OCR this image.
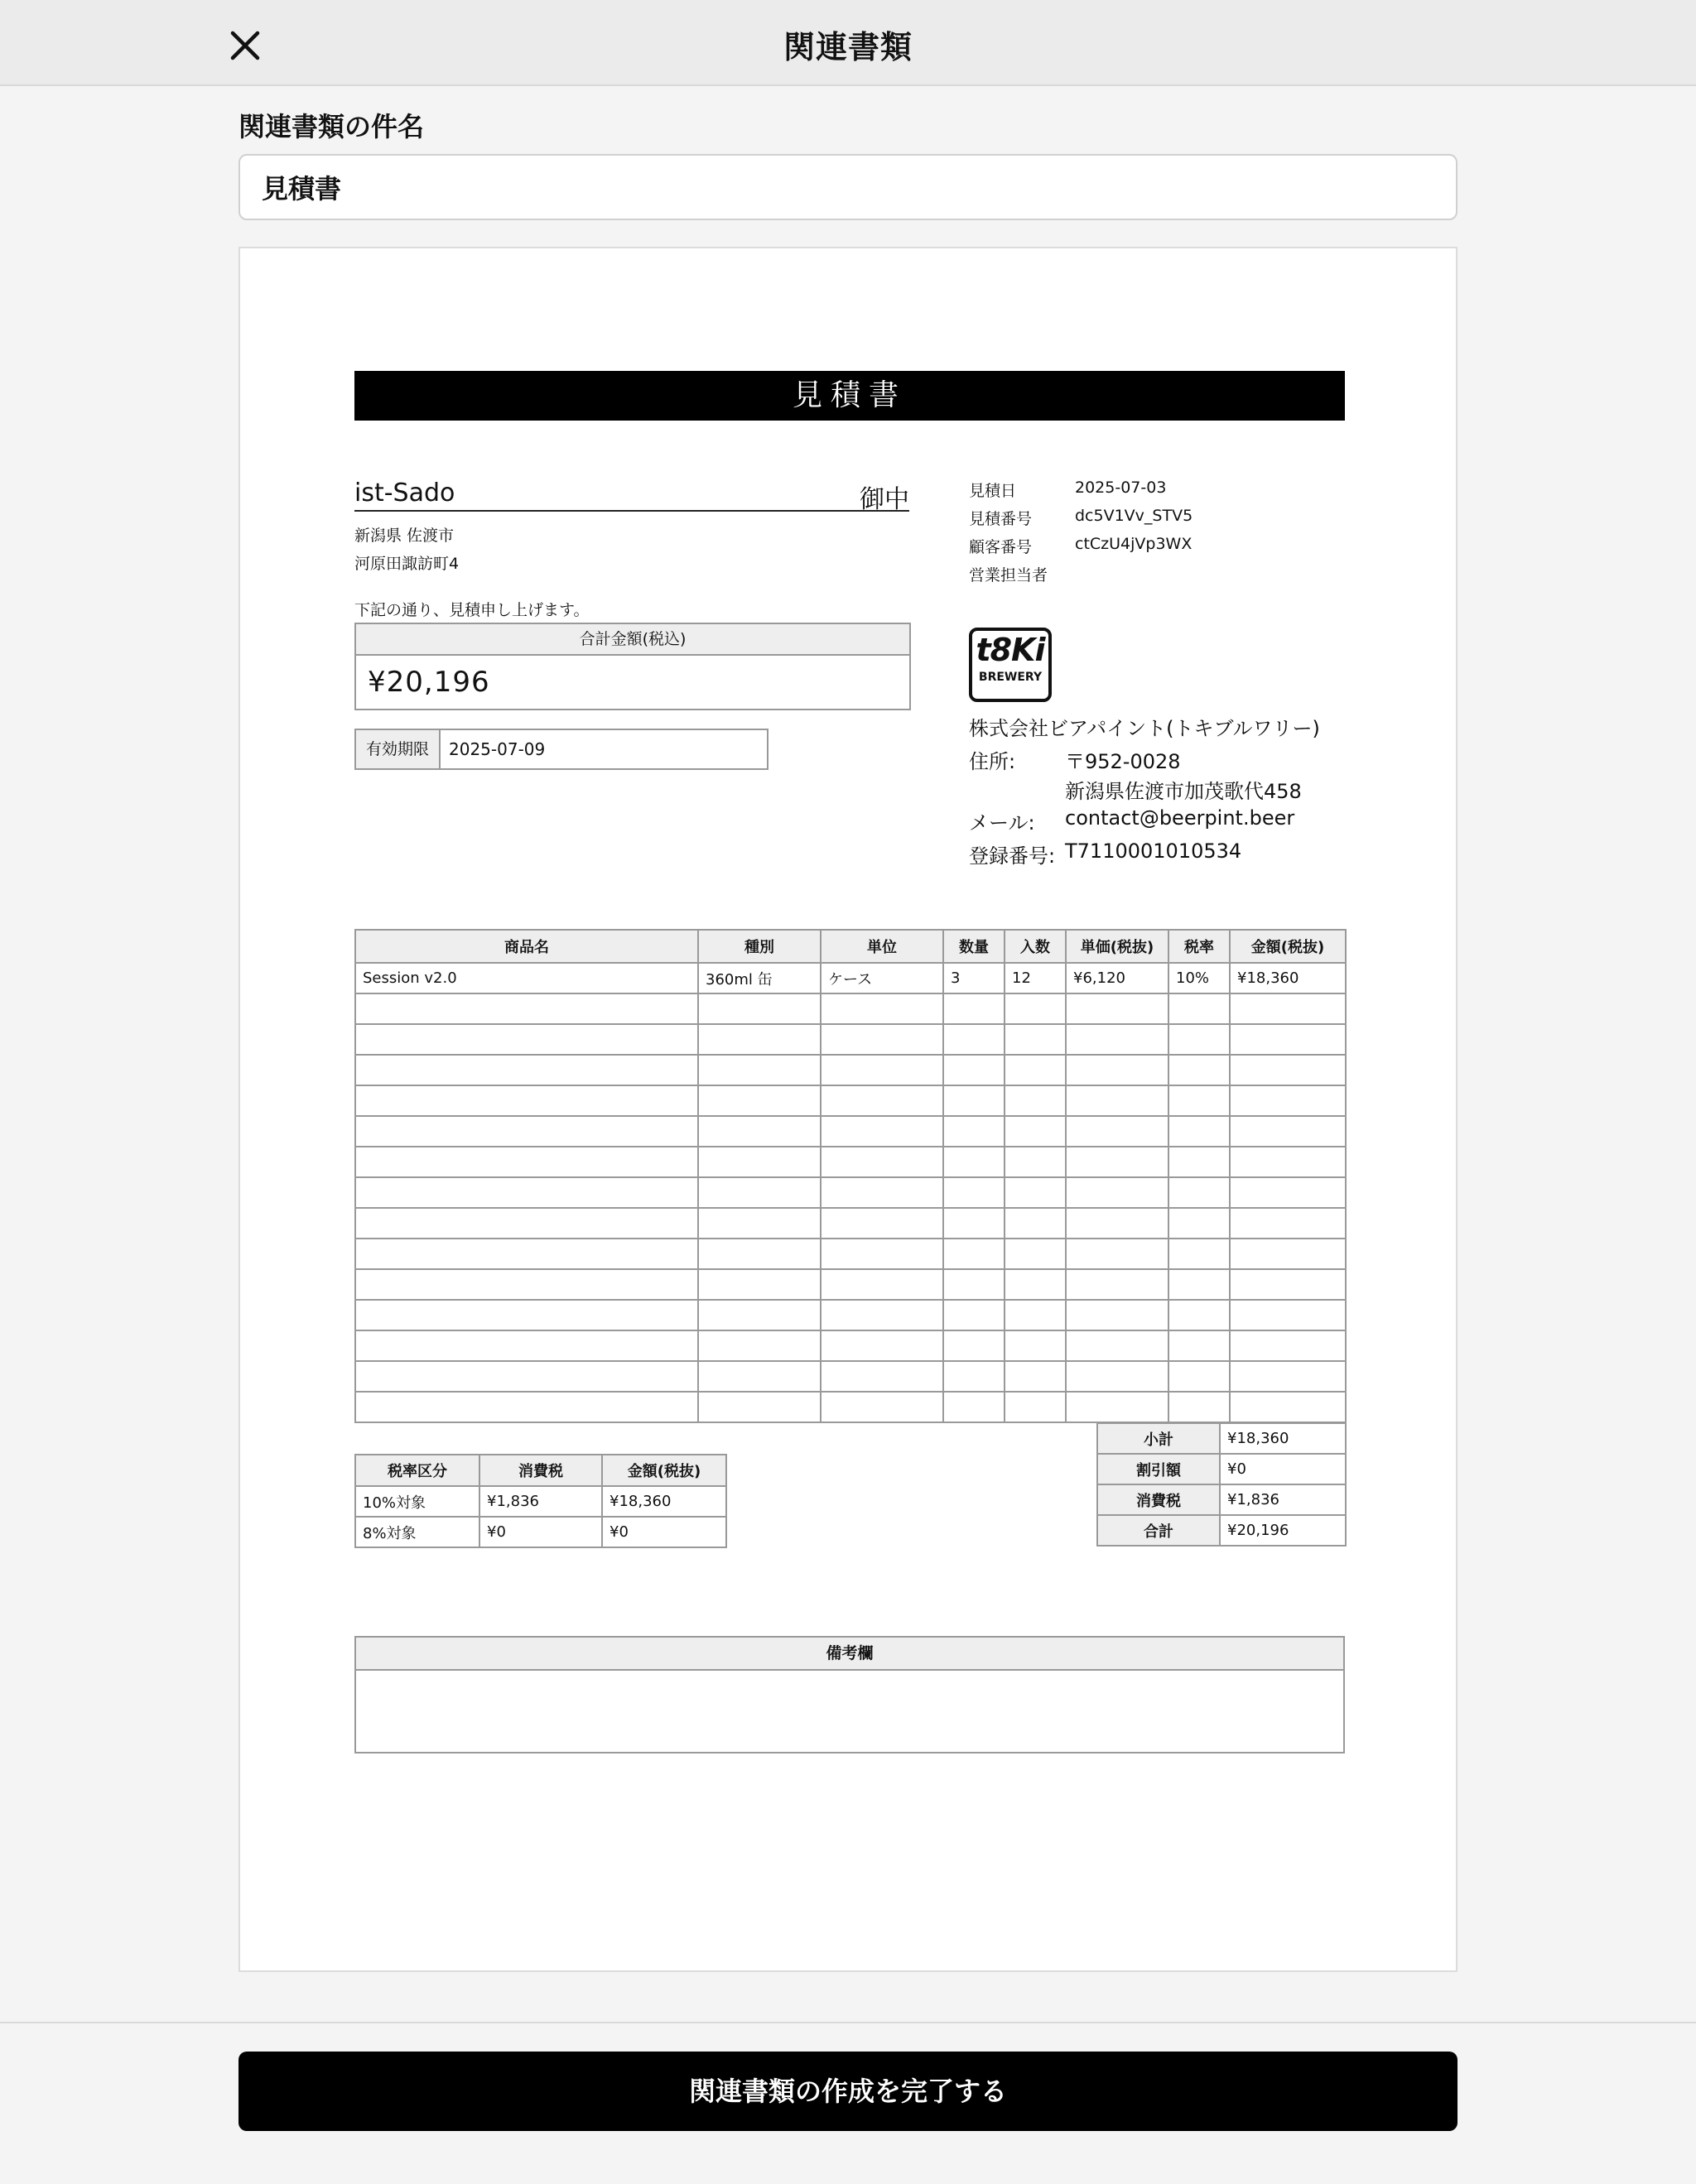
関連書類
関連書類の件名
見積書
見積書
ist-Sado	御中
新潟県 佐渡市
河原田諏訪町4
下記の通り、見積申し上げます。
合計金額(税込)
¥20,196
有効期限	2025-07-09
見積日	2025-07-03
見積番号	dc5V1Vv_STV5
顧客番号	ctCzU4jVp3WX
営業担当者
t8Ki
BREWERY
株式会社ビアパイント(トキブルワリー)
住所: 〒952-0028
新潟県佐渡市加茂歌代458
メール: contact@beerpint.beer
登録番号: T7110001010534
商品名	種別	単位	数量	入数	単価(税抜)	税率	金額(税抜)
Session v2.0	360ml 缶	ケース	3	12	¥6,120	10%	¥18,360

税率区分	消費税	金額(税抜)
10%対象	¥1,836	¥18,360
8%対象	¥0	¥0
小計	¥18,360
割引額	¥0
消費税	¥1,836
合計	¥20,196
備考欄
関連書類の作成を完了する
